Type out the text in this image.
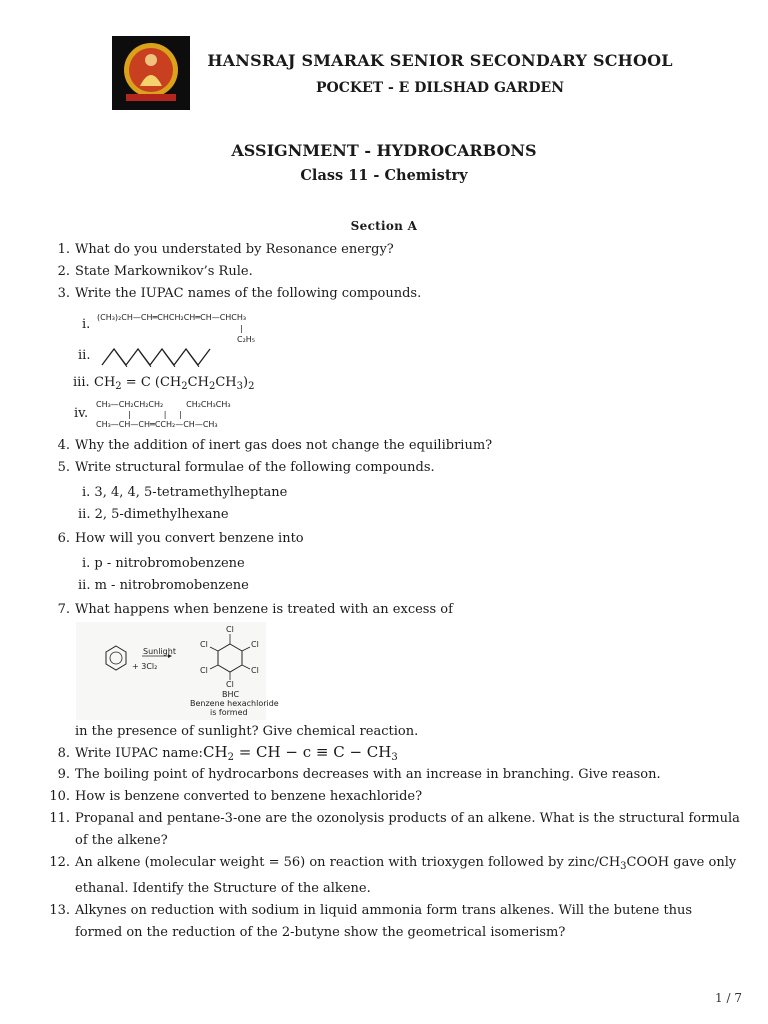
HANSRAJ SMARAK SENIOR SECONDARY SCHOOL
POCKET - E DILSHAD GARDEN
ASSIGNMENT - HYDROCARBONS
Class 11 - Chemistry
Section A
1. What do you understated by Resonance energy?
2. State Markownikov’s Rule.
3. Write the IUPAC names of the following compounds.
i. (CH₃)₂CH—CH═CHCH₂CH═CH—CHCH₃
|
C₂H₅
ii.
iii. $CH_2 = C$ $(CH_2CH_2CH_3)_2$
iv.
CH₃—CH₂CH₂CH₂         CH₂CH₃CH₃
|             |     |
CH₃—CH—CH═CCH₂—CH—CH₃
4. Why the addition of inert gas does not change the equilibrium?
5. Write structural formulae of the following compounds.
i. 3, 4, 4, 5-tetramethylheptane
ii. 2, 5-dimethylhexane
6. How will you convert benzene into
i. p - nitrobromobenzene
ii. m - nitrobromobenzene
7. What happens when benzene is treated with an excess of
+ 3Cl₂
Sunlight
Cl
Cl
Cl
Cl
Cl
Cl
BHC
Benzene hexachloride
is formed
in the presence of sunlight? Give chemical reaction.
8. Write IUPAC name: $CH_2$ = CH − $c \equiv C - CH_3$
9. The boiling point of hydrocarbons decreases with an increase in branching. Give reason.
10. How is benzene converted to benzene hexachloride?
11. Propanal and pentane-3-one are the ozonolysis products of an alkene. What is the structural formula
of the alkene?
12. An alkene (molecular weight = 56) on reaction with trioxygen followed by zinc/$CH_3COOH$ gave only
ethanal. Identify the Structure of the alkene.
13. Alkynes on reduction with sodium in liquid ammonia form trans alkenes. Will the butene thus
formed on the reduction of the 2-butyne show the geometrical isomerism?
1 / 7
